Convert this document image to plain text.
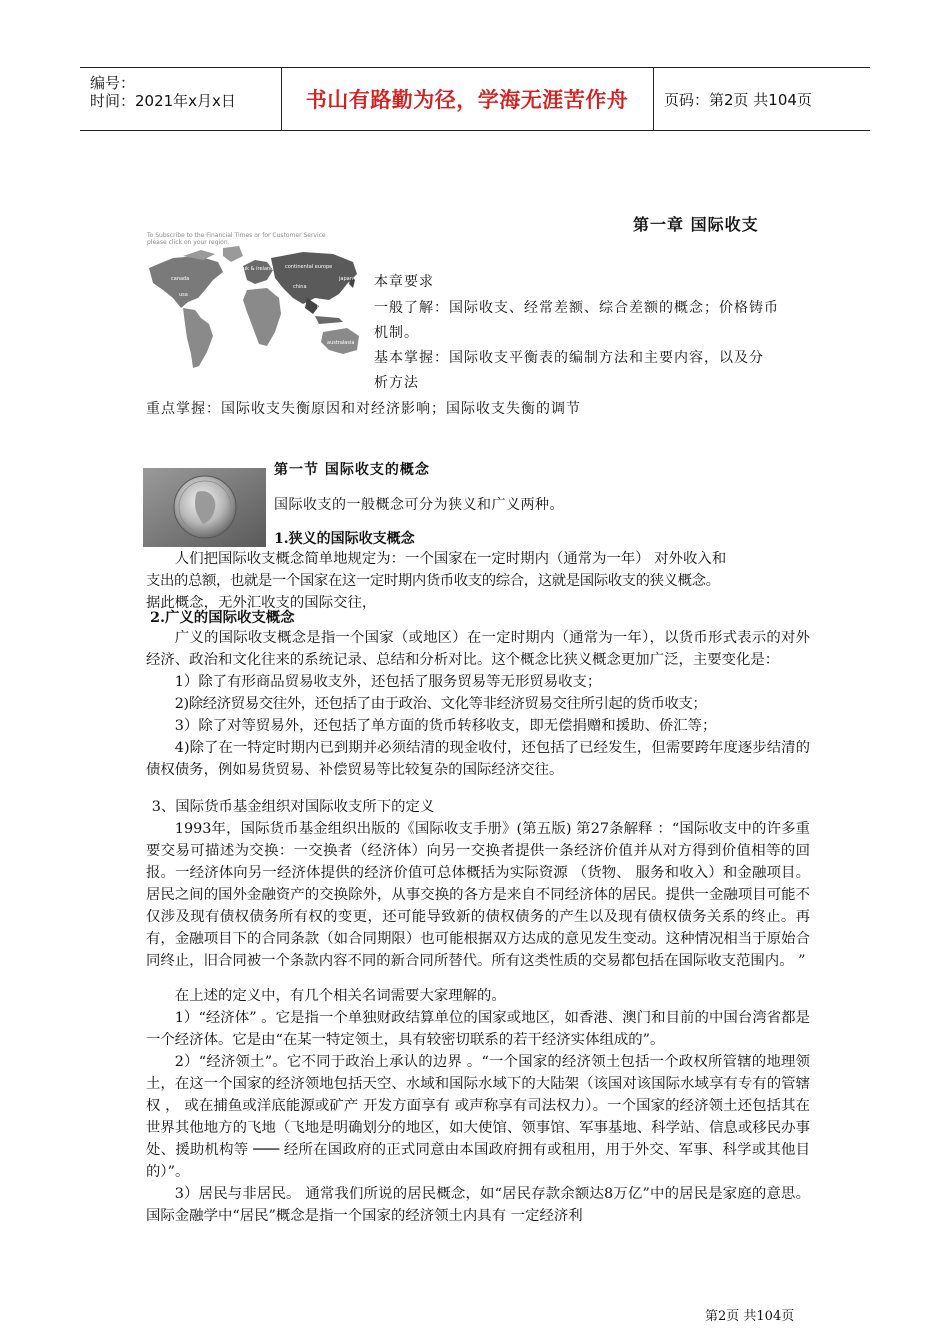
编号：
时间：2021年x月x日	书山有路勤为径，学海无涯苦作舟 页码：第2页 共104页
第一章 国际收支
To Subscribe to the Financial Times or for Customer Service
please click on your region.
canada
usa
uk & ireland continental europe
china
japan
hong kong
australasia
本章要求
一般了解：国际收支、经常差额、综合差额的概念；价格铸币
机制。
基本掌握：国际收支平衡表的编制方法和主要内容，以及分
析方法
重点掌握：国际收支失衡原因和对经济影响；国际收支失衡的调节
第一节 国际收支的概念
国际收支的一般概念可分为狭义和广义两种。
1.狭义的国际收支概念

人们把国际收支概念简单地规定为：一个国家在一定时期内（通常为一年） 对外收入和

支出的总额，也就是一个国家在这一定时期内货币收支的综合，这就是国际收支的狭义概念。

据此概念，无外汇收支的国际交往，

2.广义的国际收支概念

广义的国际收支概念是指一个国家（或地区）在一定时期内（通常为一年），以货币形式表示的对外经济、政治和文化往来的系统记录、总结和分析对比。这个概念比狭义概念更加广泛，主要变化是：

1）除了有形商品贸易收支外，还包括了服务贸易等无形贸易收支；

2)除经济贸易交往外，还包括了由于政治、文化等非经济贸易交往所引起的货币收支；

3）除了对等贸易外，还包括了单方面的货币转移收支，即无偿捐赠和援助、侨汇等；

4)除了在一特定时期内已到期并必须结清的现金收付，还包括了已经发生，但需要跨年度逐步结清的债权债务，例如易货贸易、补偿贸易等比较复杂的国际经济交往。

3、国际货币基金组织对国际收支所下的定义

1993年，国际货币基金组织出版的《国际收支手册》(第五版) 第27条解释 ：“国际收支中的许多重要交易可描述为交换：一交换者（经济体）向另一交换者提供一条经济价值并从对方得到价值相等的回报。一经济体向另一经济体提供的经济价值可总体概括为实际资源 （货物、 服务和收入）和金融项目。居民之间的国外金融资产的交换除外，从事交换的各方是来自不同经济体的居民。提供一金融项目可能不仅涉及现有债权债务所有权的变更，还可能导致新的债权债务的产生以及现有债权债务关系的终止。再有，金融项目下的合同条款（如合同期限）也可能根据双方达成的意见发生变动。这种情况相当于原始合同终止，旧合同被一个条款内容不同的新合同所替代。所有这类性质的交易都包括在国际收支范围内。 ”

在上述的定义中，有几个相关名词需要大家理解的。

1）“经济体” 。它是指一个单独财政结算单位的国家或地区，如香港、澳门和目前的中国台湾省都是一个经济体。它是由“在某一特定领土，具有较密切联系的若干经济实体组成的”。

2）“经济领土”。它不同于政治上承认的边界 。“一个国家的经济领土包括一个政权所管辖的地理领土，在这一个国家的经济领地包括天空、水域和国际水域下的大陆架（该国对该国际水域享有专有的管辖权 ， 或在捕鱼或洋底能源或矿产 开发方面享有 或声称享有司法权力）。一个国家的经济领土还包括其在世界其他地方的飞地（飞地是明确划分的地区，如大使馆、领事馆、军事基地、科学站、信息或移民办事处、援助机构等 ─── 经所在国政府的正式同意由本国政府拥有或租用，用于外交、军事、科学或其他目的）”。

3）居民与非居民。 通常我们所说的居民概念，如“居民存款余额达8万亿”中的居民是家庭的意思。 国际金融学中“居民”概念是指一个国家的经济领土内具有 一定经济利

第2页 共104页
